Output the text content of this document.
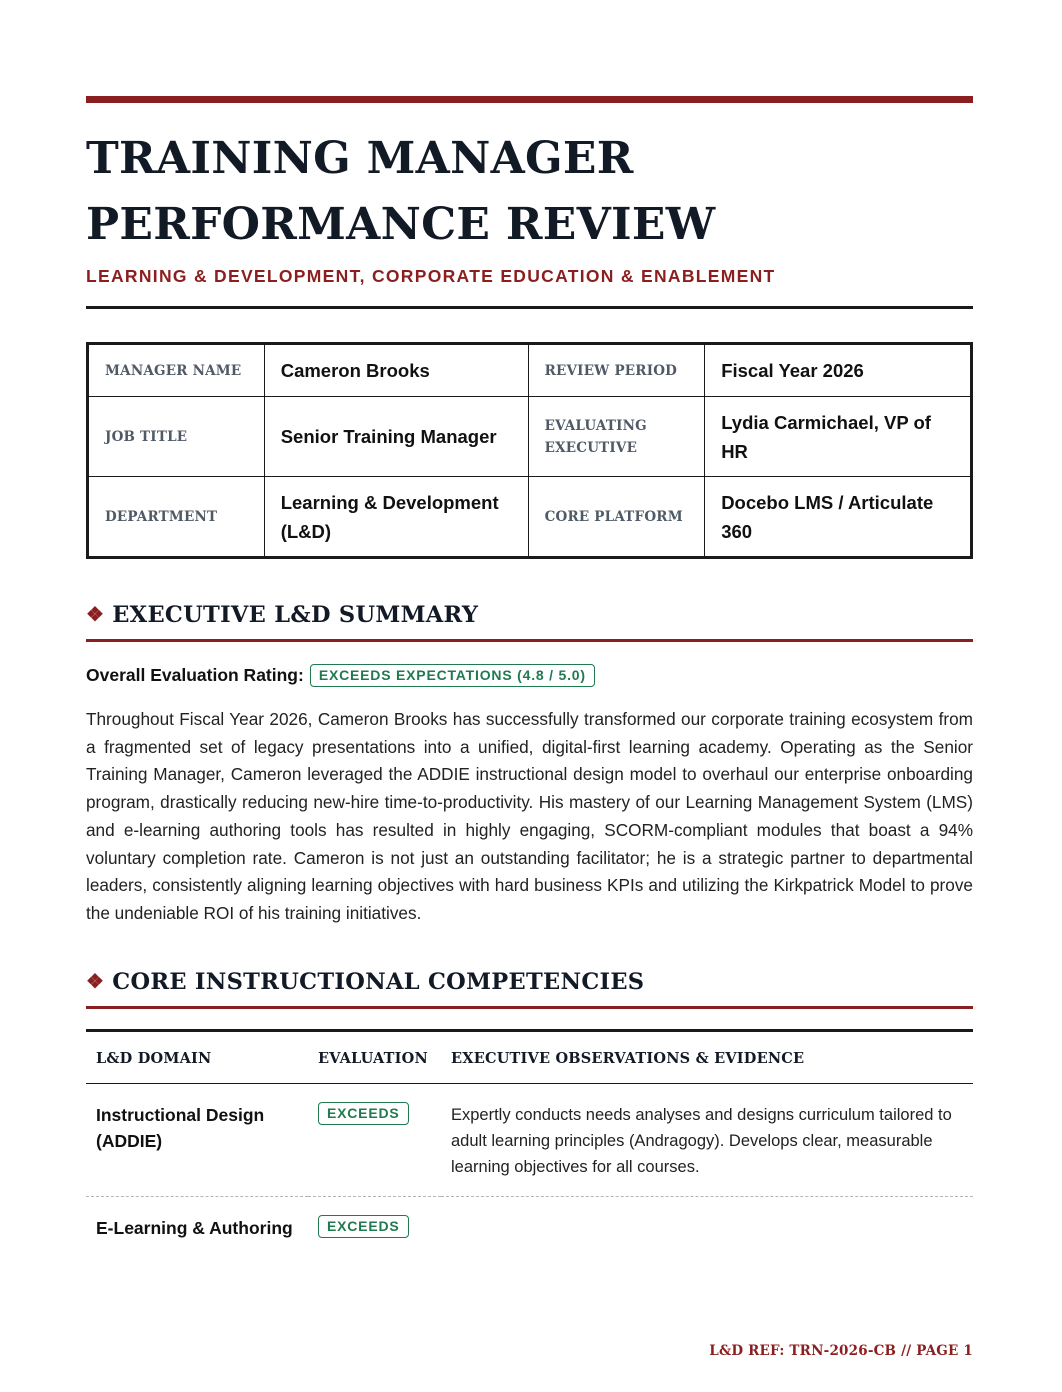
TRAINING MANAGER PERFORMANCE REVIEW
LEARNING & DEVELOPMENT, CORPORATE EDUCATION & ENABLEMENT
MANAGER NAME	Cameron Brooks	REVIEW PERIOD	Fiscal Year 2026
JOB TITLE	Senior Training Manager	EVALUATING EXECUTIVE	Lydia Carmichael, VP of HR
DEPARTMENT	Learning & Development (L&D)	CORE PLATFORM	Docebo LMS / Articulate 360
❖ EXECUTIVE L&D SUMMARY
Overall Evaluation Rating:	EXCEEDS EXPECTATIONS (4.8 / 5.0)

Throughout Fiscal Year 2026, Cameron Brooks has successfully transformed our corporate training ecosystem from a fragmented set of legacy presentations into a unified, digital-first learning academy. Operating as the Senior Training Manager, Cameron leveraged the ADDIE instructional design model to overhaul our enterprise onboarding program, drastically reducing new-hire time-to-productivity. His mastery of our Learning Management System (LMS) and e-learning authoring tools has resulted in highly engaging, SCORM-compliant modules that boast a 94% voluntary completion rate. Cameron is not just an outstanding facilitator; he is a strategic partner to departmental leaders, consistently aligning learning objectives with hard business KPIs and utilizing the Kirkpatrick Model to prove the undeniable ROI of his training initiatives.

❖ CORE INSTRUCTIONAL COMPETENCIES
L&D DOMAIN	EVALUATION	EXECUTIVE OBSERVATIONS & EVIDENCE
Instructional Design (ADDIE)	EXCEEDS	Expertly conducts needs analyses and designs curriculum tailored to adult learning principles (Andragogy). Develops clear, measurable learning objectives for all courses.
E-Learning & Authoring	EXCEEDS	
L&D REF: TRN-2026-CB // PAGE 1
